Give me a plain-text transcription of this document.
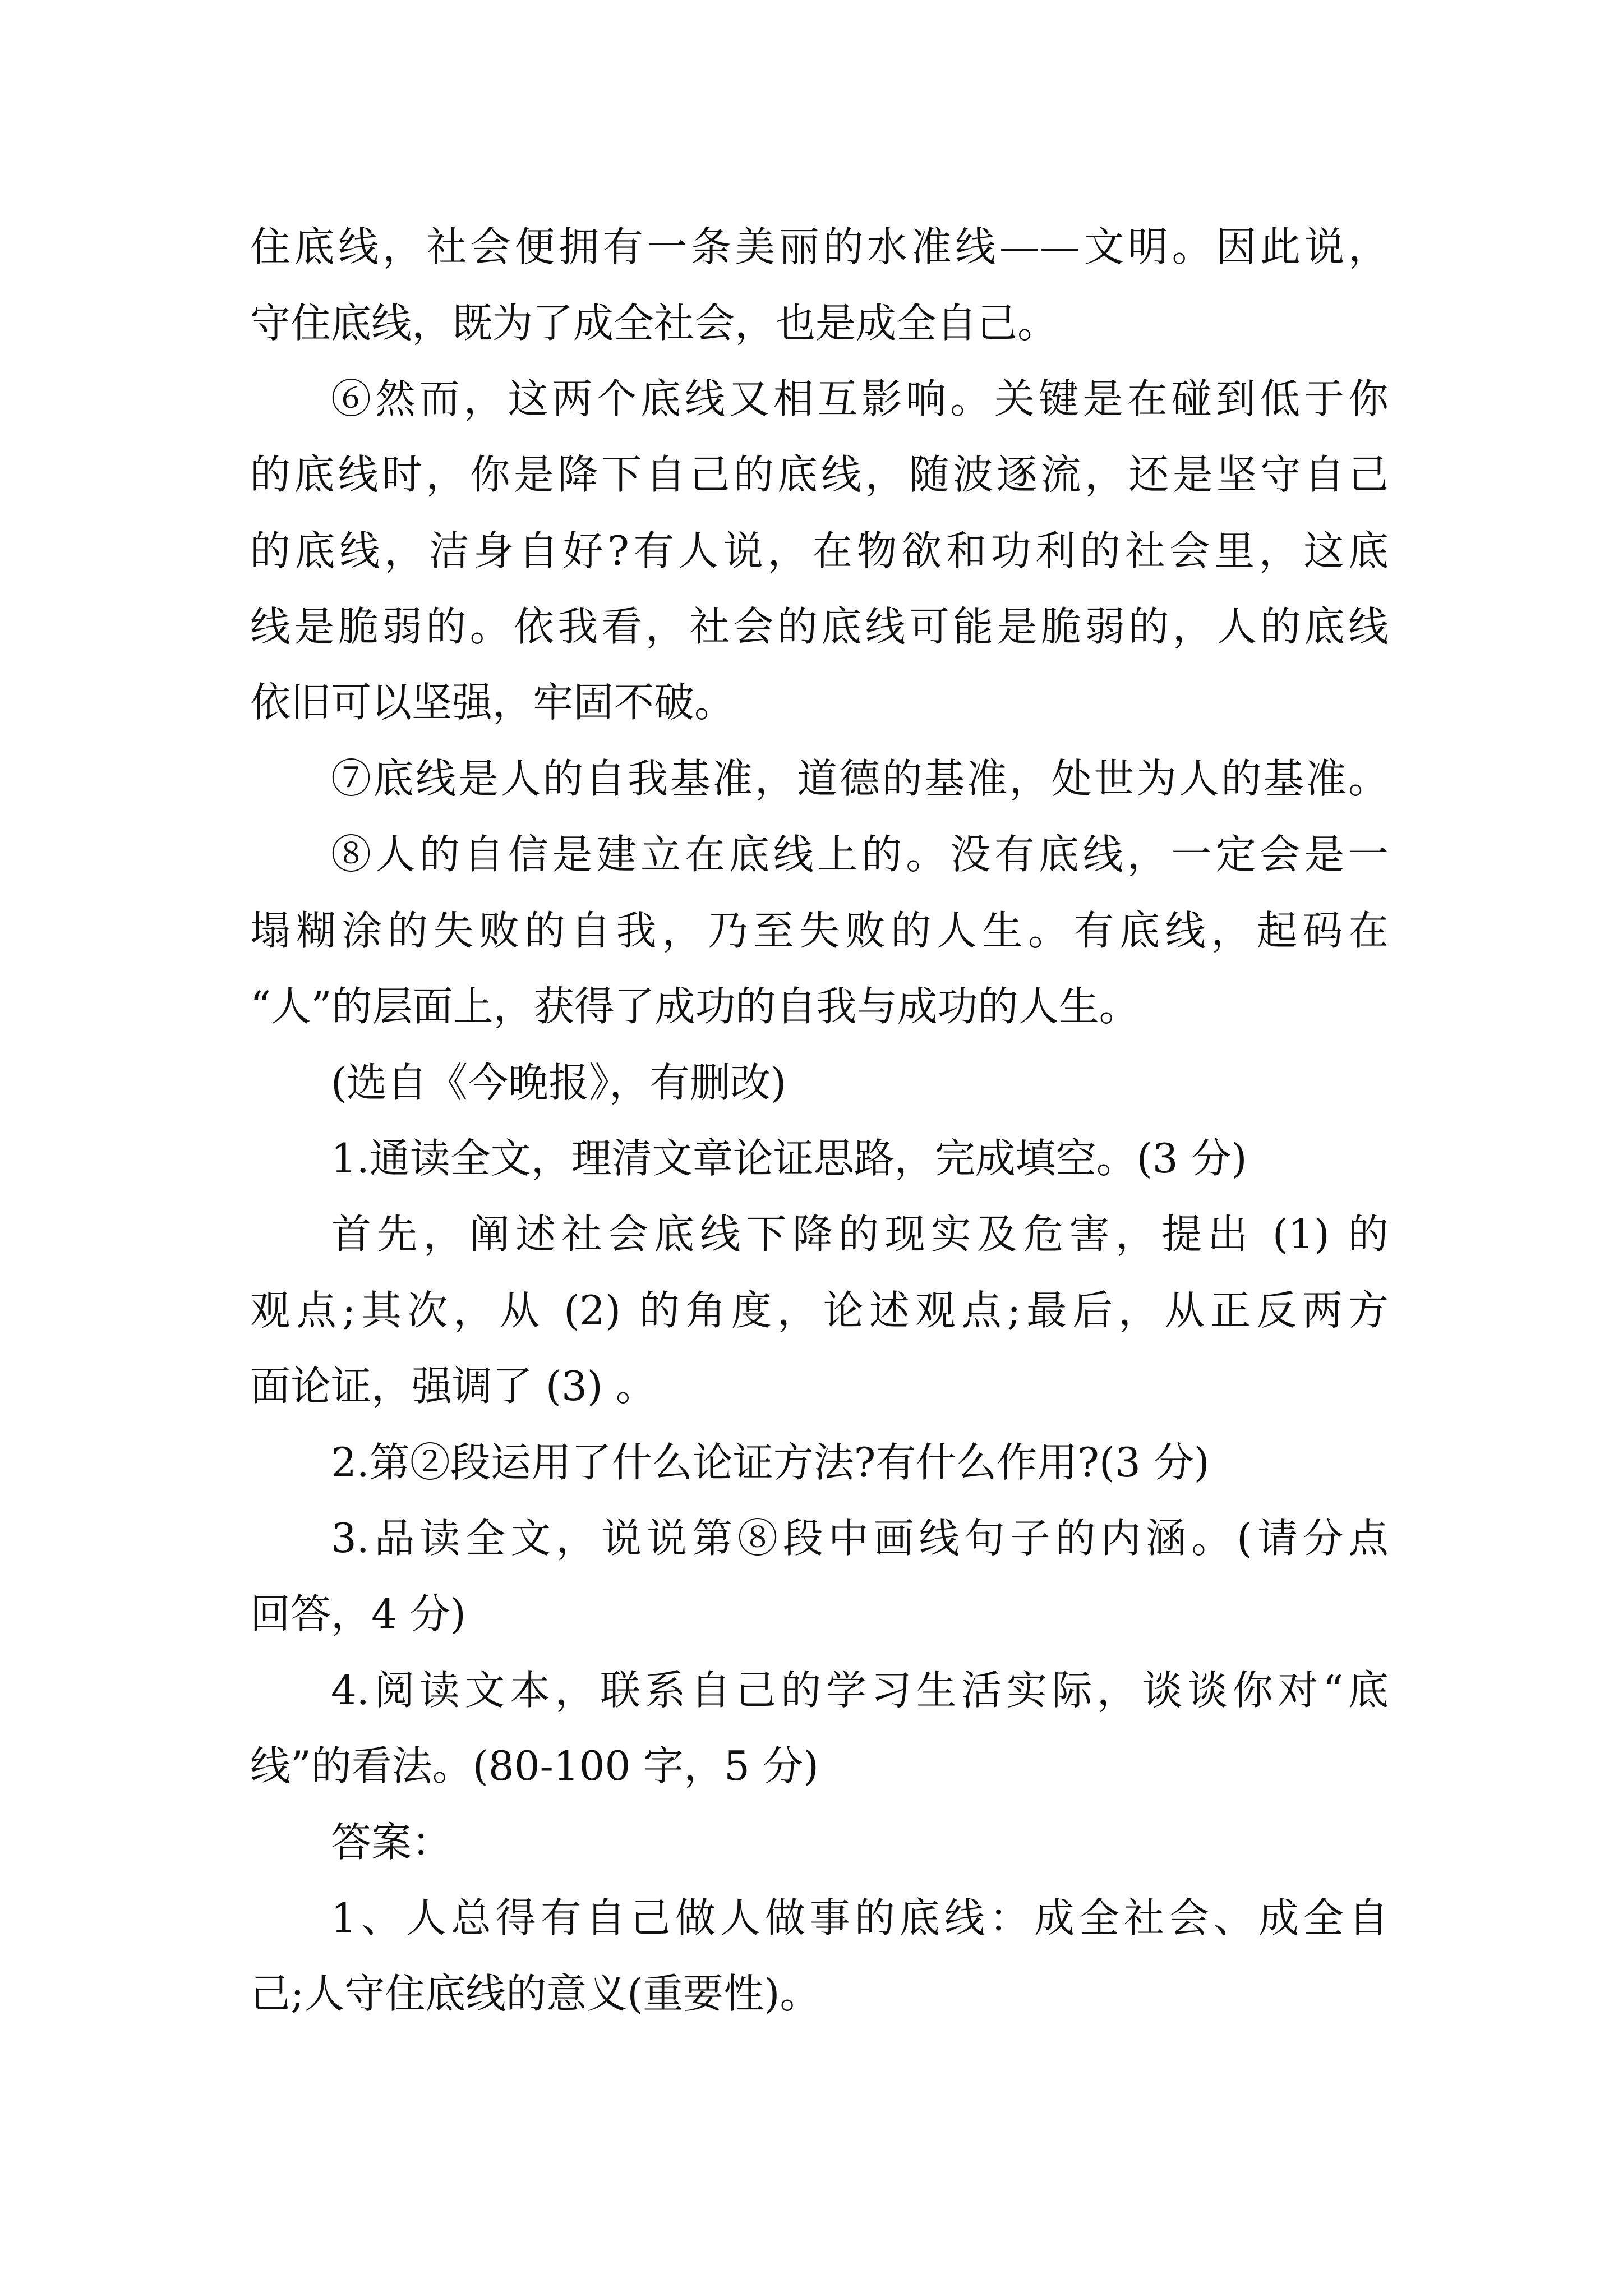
住底线，社会便拥有一条美丽的水准线——文明。因此说，
守住底线，既为了成全社会，也是成全自己。
⑥然而，这两个底线又相互影响。关键是在碰到低于你
的底线时，你是降下自己的底线，随波逐流，还是坚守自己
的底线，洁身自好?有人说，在物欲和功利的社会里，这底
线是脆弱的。依我看，社会的底线可能是脆弱的，人的底线
依旧可以坚强，牢固不破。
⑦底线是人的自我基准，道德的基准，处世为人的基准。
⑧人的自信是建立在底线上的。没有底线，一定会是一
塌糊涂的失败的自我，乃至失败的人生。有底线，起码在
“人”的层面上，获得了成功的自我与成功的人生。
(选自《今晚报》，有删改)
1.通读全文，理清文章论证思路，完成填空。(3 分)
首先，阐述社会底线下降的现实及危害，提出 (1) 的
观点;其次，从 (2) 的角度，论述观点;最后，从正反两方
面论证，强调了 (3) 。
2.第②段运用了什么论证方法?有什么作用?(3 分)
3.品读全文，说说第⑧段中画线句子的内涵。(请分点
回答，4 分)
4.阅读文本，联系自己的学习生活实际，谈谈你对“底
线”的看法。(80-100 字，5 分)
答案：
1、人总得有自己做人做事的底线：成全社会、成全自
己;人守住底线的意义(重要性)。
